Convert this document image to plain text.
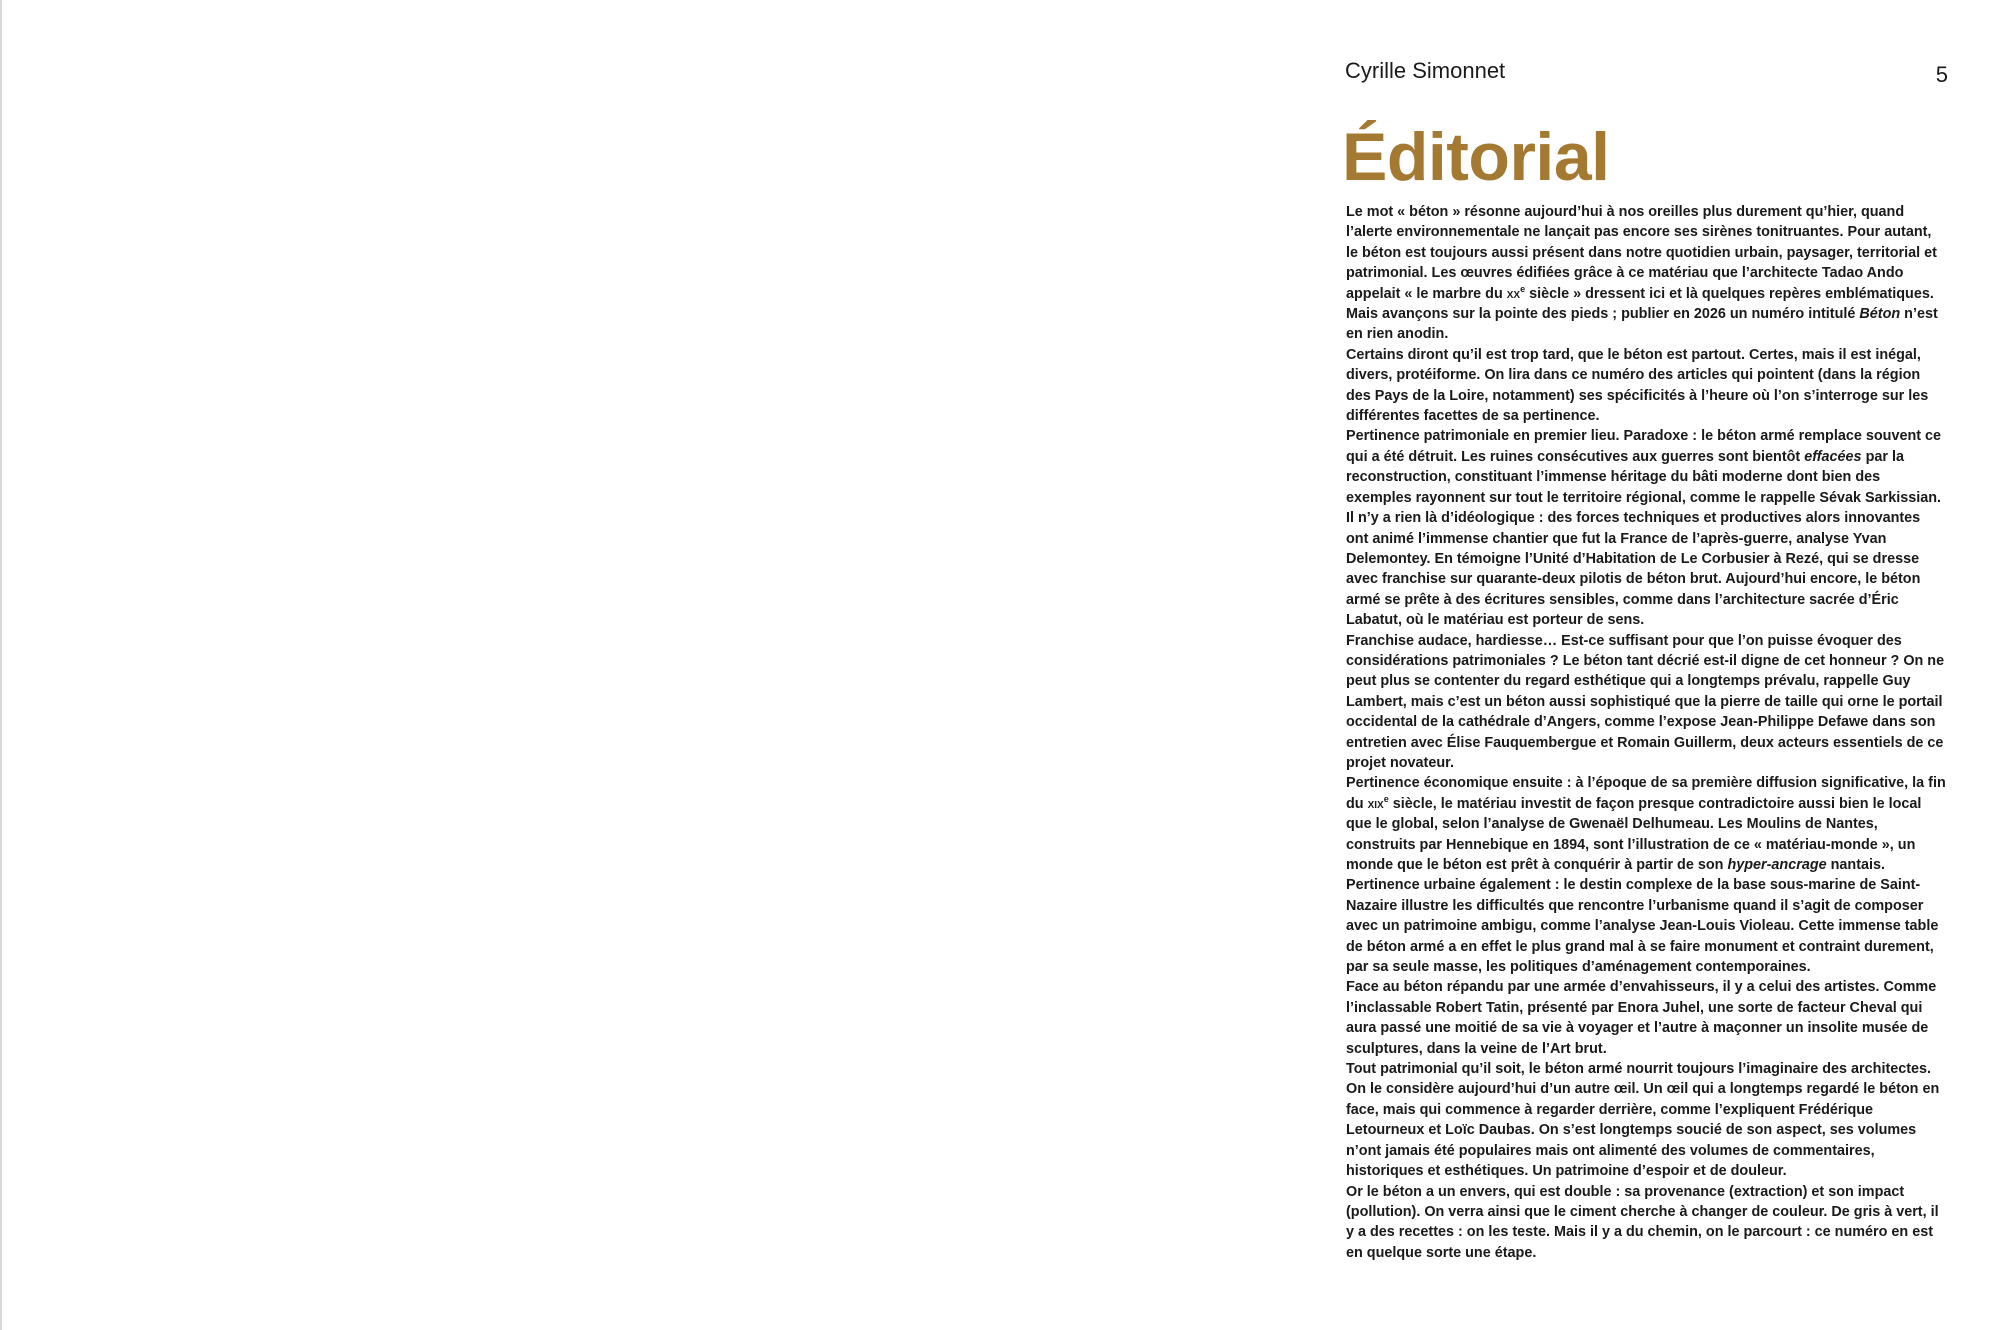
Cyrille Simonnet	5
Éditorial

Le mot « béton » résonne aujourd’hui à nos oreilles plus durement qu’hier, quand l’alerte environnementale ne lançait pas encore ses sirènes tonitruantes. Pour autant, le béton est toujours aussi présent dans notre quotidien urbain, paysager, territorial et patrimonial. Les œuvres édifiées grâce à ce matériau que l’architecte Tadao Ando appelait « le marbre du $xx^e$ siècle » dressent ici et là quelques repères emblématiques. Mais avançons sur la pointe des pieds ; publier en 2026 un numéro intitulé Béton n’est en rien anodin.

Certains diront qu’il est trop tard, que le béton est partout. Certes, mais il est inégal, divers, protéiforme. On lira dans ce numéro des articles qui pointent (dans la région des Pays de la Loire, notamment) ses spécificités à l’heure où l’on s’interroge sur les différentes facettes de sa pertinence.

Pertinence patrimoniale en premier lieu. Paradoxe : le béton armé remplace souvent ce qui a été détruit. Les ruines consécutives aux guerres sont bientôt effacées par la reconstruction, constituant l’immense héritage du bâti moderne dont bien des exemples rayonnent sur tout le territoire régional, comme le rappelle Sévak Sarkissian. Il n’y a rien là d’idéologique : des forces techniques et productives alors innovantes ont animé l’immense chantier que fut la France de l’après-guerre, analyse Yvan Delemontey. En témoigne l’Unité d’Habitation de Le Corbusier à Rezé, qui se dresse avec franchise sur quarante-deux pilotis de béton brut. Aujourd’hui encore, le béton armé se prête à des écritures sensibles, comme dans l’architecture sacrée d’Éric Labatut, où le matériau est porteur de sens.

Franchise audace, hardiesse… Est-ce suffisant pour que l’on puisse évoquer des considérations patrimoniales ? Le béton tant décrié est-il digne de cet honneur ? On ne peut plus se contenter du regard esthétique qui a longtemps prévalu, rappelle Guy Lambert, mais c’est un béton aussi sophistiqué que la pierre de taille qui orne le portail occidental de la cathédrale d’Angers, comme l’expose Jean-Philippe Defawe dans son entretien avec Élise Fauquembergue et Romain Guillerm, deux acteurs essentiels de ce projet novateur.

Pertinence économique ensuite : à l’époque de sa première diffusion significative, la fin du xix$^e$ siècle, le matériau investit de façon presque contradictoire aussi bien le local que le global, selon l’analyse de Gwenaël Delhumeau. Les Moulins de Nantes, construits par Hennebique en 1894, sont l’illustration de ce « matériau-monde », un monde que le béton est prêt à conquérir à partir de son hyper-ancrage nantais.

Pertinence urbaine également : le destin complexe de la base sous-marine de Saint-Nazaire illustre les difficultés que rencontre l’urbanisme quand il s’agit de composer avec un patrimoine ambigu, comme l’analyse Jean-Louis Violeau. Cette immense table de béton armé a en effet le plus grand mal à se faire monument et contraint durement, par sa seule masse, les politiques d’aménagement contemporaines.

Face au béton répandu par une armée d’envahisseurs, il y a celui des artistes. Comme l’inclassable Robert Tatin, présenté par Enora Juhel, une sorte de facteur Cheval qui aura passé une moitié de sa vie à voyager et l’autre à maçonner un insolite musée de sculptures, dans la veine de l’Art brut.

Tout patrimonial qu’il soit, le béton armé nourrit toujours l’imaginaire des architectes. On le considère aujourd’hui d’un autre œil. Un œil qui a longtemps regardé le béton en face, mais qui commence à regarder derrière, comme l’expliquent Frédérique Letourneux et Loïc Daubas. On s’est longtemps soucié de son aspect, ses volumes n’ont jamais été populaires mais ont alimenté des volumes de commentaires, historiques et esthétiques. Un patrimoine d’espoir et de douleur.

Or le béton a un envers, qui est double : sa provenance (extraction) et son impact (pollution). On verra ainsi que le ciment cherche à changer de couleur. De gris à vert, il y a des recettes : on les teste. Mais il y a du chemin, on le parcourt : ce numéro en est en quelque sorte une étape.
